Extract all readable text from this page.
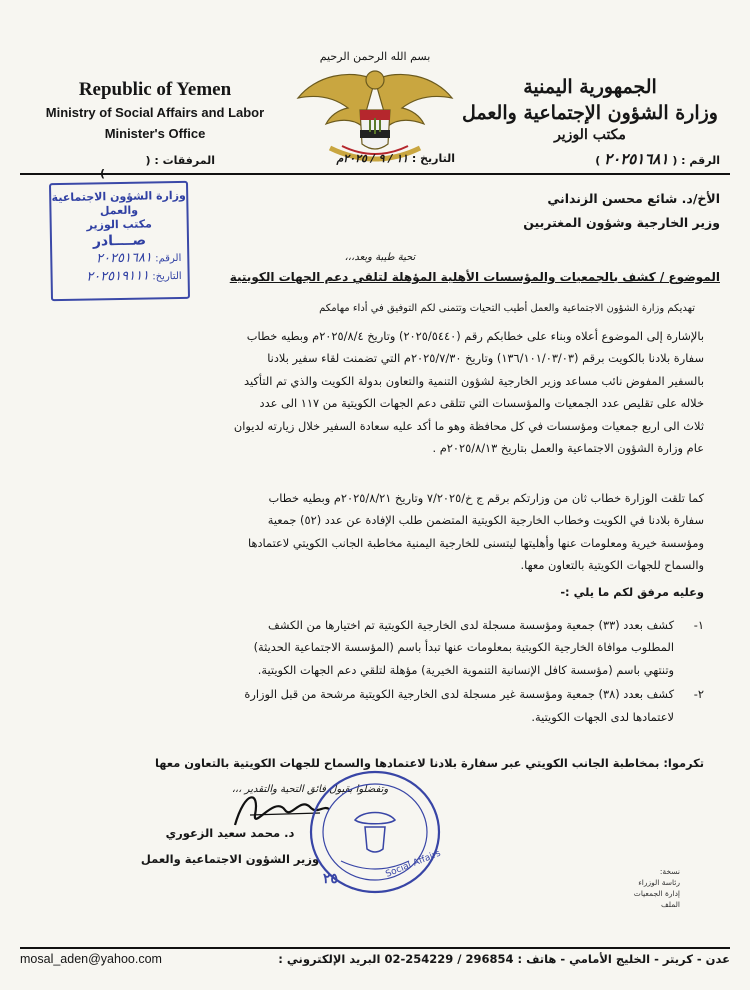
Republic of Yemen
Ministry of Social Affairs and Labor
Minister's Office
الجمهورية اليمنية
وزارة الشؤون الإجتماعية والعمل
مكتب الوزير
بسم الله الرحمن الرحيم
الرقم : ( ٢٠٢٥١٦٨١ )
التاريخ : ١١ / ٩ / ٢٠٢٥م
المرفقات : ()
الأخ/د. شائع محسن الزنداني
وزير الخارجية وشؤون المغتربين
وزارة الشؤون الاجتماعية والعمل
مكتب الوزير
صــــادر
الرقم: ٢٠٢٥١٦٨١
التاريخ: ٢٠٢٥١٩١١١
تحية طيبة وبعد،،،
الموضوع / كشف بالجمعيات والمؤسسات الأهلية المؤهلة لتلقي دعم الجهات الكويتية
تهديكم وزارة الشؤون الاجتماعية والعمل أطيب التحيات وتتمنى لكم التوفيق في أداء مهامكم
بالإشارة إلى الموضوع أعلاه وبناء على خطابكم رقم (٢٠٢٥/٥٤٤٠) وتاريخ ٢٠٢٥/٨/٤م وبطيه خطاب
سفارة بلادنا بالكويت برقم (١٣٦/١٠١/٠٣/٠٣) وتاريخ ٢٠٢٥/٧/٣٠م التي تضمنت لقاء سفير بلادنا
بالسفير المفوض نائب مساعد وزير الخارجية لشؤون التنمية والتعاون بدولة الكويت والذي تم التأكيد
خلاله على تقليص عدد الجمعيات والمؤسسات التي تتلقى دعم الجهات الكويتية من ١١٧ الى عدد
ثلاث الى اربع جمعيات ومؤسسات في كل محافظة وهو ما أكد عليه سعادة السفير خلال زيارته لديوان
عام وزارة الشؤون الاجتماعية والعمل بتاريخ ٢٠٢٥/٨/١٣م .
كما تلقت الوزارة خطاب ثان من وزارتكم برقم ج خ/٧/٢٠٢٥ وتاريخ ٢٠٢٥/٨/٢١م وبطيه خطاب
سفارة بلادنا في الكويت وخطاب الخارجية الكويتية المتضمن طلب الإفادة عن عدد (٥٢) جمعية
ومؤسسة خيرية ومعلومات عنها وأهليتها ليتسنى للخارجية اليمنية مخاطبة الجانب الكويتي لاعتمادها
والسماح للجهات الكويتية بالتعاون معها.
وعليه مرفق لكم ما يلي :-
١-
كشف بعدد (٣٣) جمعية ومؤسسة مسجلة لدى الخارجية الكويتية تم اختيارها من الكشف
المطلوب موافاة الخارجية الكويتية بمعلومات عنها تبدأ باسم (المؤسسة الاجتماعية الحديثة)
وتنتهي باسم (مؤسسة كافل الإنسانية التنموية الخيرية) مؤهلة لتلقي دعم الجهات الكويتية.
٢-
كشف بعدد (٣٨) جمعية ومؤسسة غير مسجلة لدى الخارجية الكويتية مرشحة من قبل الوزارة
لاعتمادها لدى الجهات الكويتية.
تكرموا: بمخاطبة الجانب الكويتي عبر سفارة بلادنا لاعتمادها والسماح للجهات الكويتية بالتعاون معها
وتفضلوا بقبول فائق التحية والتقدير ،،،
د. محمد سعيد الزعوري
وزير الشؤون الاجتماعية والعمل	Social Affairs
٢٥	نسخة:
رئاسة الوزراء
إدارة الجمعيات
الملف
mosal_aden@yahoo.com	عدن - كريتر - الخليج الأمامي - هاتف : 296854 / 254229-02 البريد الإلكتروني :
